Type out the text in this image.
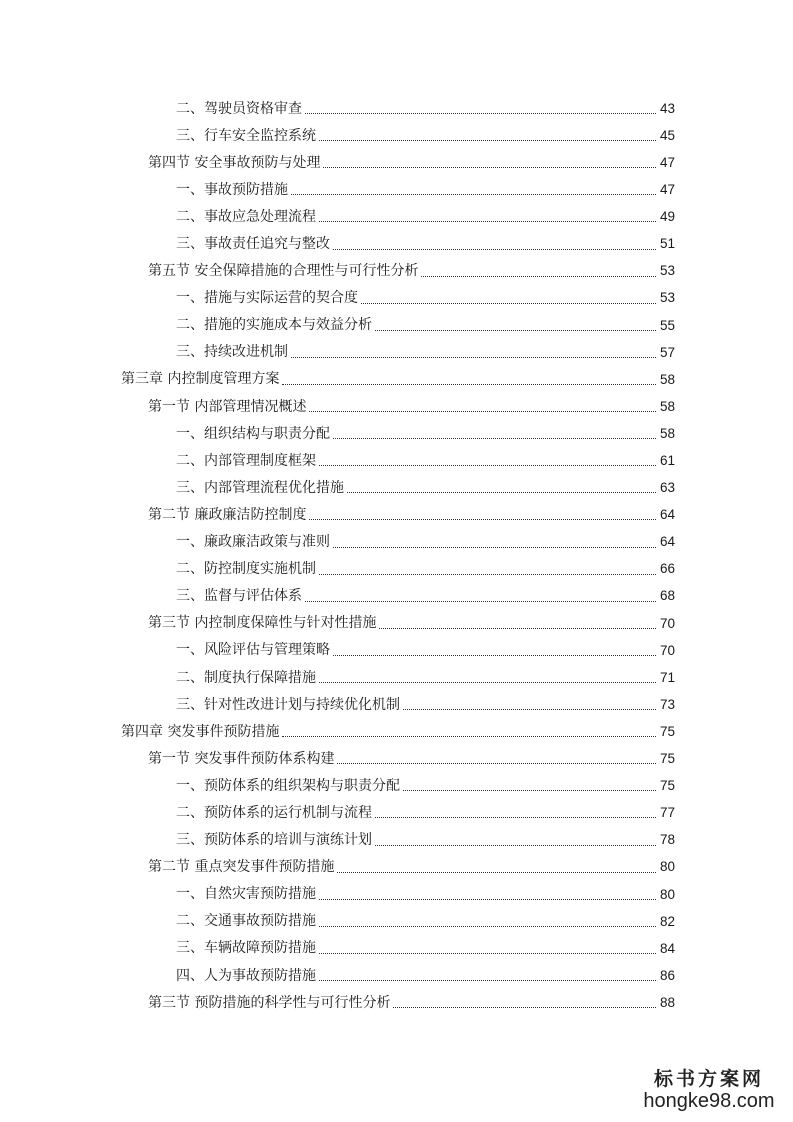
二、驾驶员资格审查	43
三、行车安全监控系统	45
第四节 安全事故预防与处理	47
一、事故预防措施	47
二、事故应急处理流程	49
三、事故责任追究与整改	51
第五节 安全保障措施的合理性与可行性分析	53
一、措施与实际运营的契合度	53
二、措施的实施成本与效益分析	55
三、持续改进机制	57
第三章 内控制度管理方案	58
第一节 内部管理情况概述	58
一、组织结构与职责分配	58
二、内部管理制度框架	61
三、内部管理流程优化措施	63
第二节 廉政廉洁防控制度	64
一、廉政廉洁政策与准则	64
二、防控制度实施机制	66
三、监督与评估体系	68
第三节 内控制度保障性与针对性措施	70
一、风险评估与管理策略	70
二、制度执行保障措施	71
三、针对性改进计划与持续优化机制	73
第四章 突发事件预防措施	75
第一节 突发事件预防体系构建	75
一、预防体系的组织架构与职责分配	75
二、预防体系的运行机制与流程	77
三、预防体系的培训与演练计划	78
第二节 重点突发事件预防措施	80
一、自然灾害预防措施	80
二、交通事故预防措施	82
三、车辆故障预防措施	84
四、人为事故预防措施	86
第三节 预防措施的科学性与可行性分析	88
标书方案网
hongke98.com
